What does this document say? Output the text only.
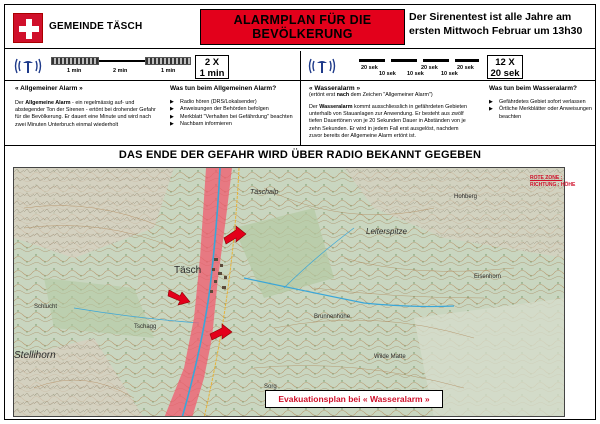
GEMEINDE TÄSCH	ALARMPLAN FÜR DIE BEVÖLKERUNG
Der Sirenentest ist alle Jahre am ersten Mittwoch Februar um 13h30
1 min	2 min	1 min
2 X
1 min	20 sek	20 sek	20 sek
10 sek 10 sek	10 sek
12 X
20 sek
« Allgemeiner Alarm »
Der Allgemeine Alarm - ein regelmässig auf- und abstegender Ton der Sirenen - ertönt bei drohender Gefahr für die Bevölkerung. Er dauert eine Minute und wird nach zwei Minuten Unterbruch einmal wiederholt
Was tun beim Allgemeinen Alarm?
▶ Radio hören (DRS/Lokalsender)
▶ Anweisungen der Behörden befolgen
▶ Merkblatt "Verhalten bei Gefährdung" beachten
▶ Nachbarn informieren
« Wasseralarm »
(ertönt erst nach dem Zeichen "Allgemeiner Alarm")
Der Wasseralarm kommt ausschliesslich in gefährdeten Gebieten unterhalb von Stauanlagen zur Anwendung. Er besteht aus zwölf tiefen Dauertönen von je 20 Sekunden Dauer in Abständen von je zehn Sekunden. Er wird in jedem Fall erst ausgelöst, nachdem zuvor bereits der Allgemeine Alarm ertönt ist.
Was tun beim Wasseralarm?
▶ Gefährdetes Gebiet sofort verlassen
▶ Örtliche Merkblätter oder Anweisungen beachten
DAS ENDE DER GEFAHR WIRD ÜBER RADIO BEKANNT GEGEBEN
Täsch
Täschalp
Leiterspitze
Hohberg
Eisenhorn
Brunnenhöhe
Stellihorn
Schlucht
Tschagg
Wilde Matte
Sorg
ROTE ZONE :
RICHTUNG : HÖHE
Evakuationsplan bei « Wasseralarm »
